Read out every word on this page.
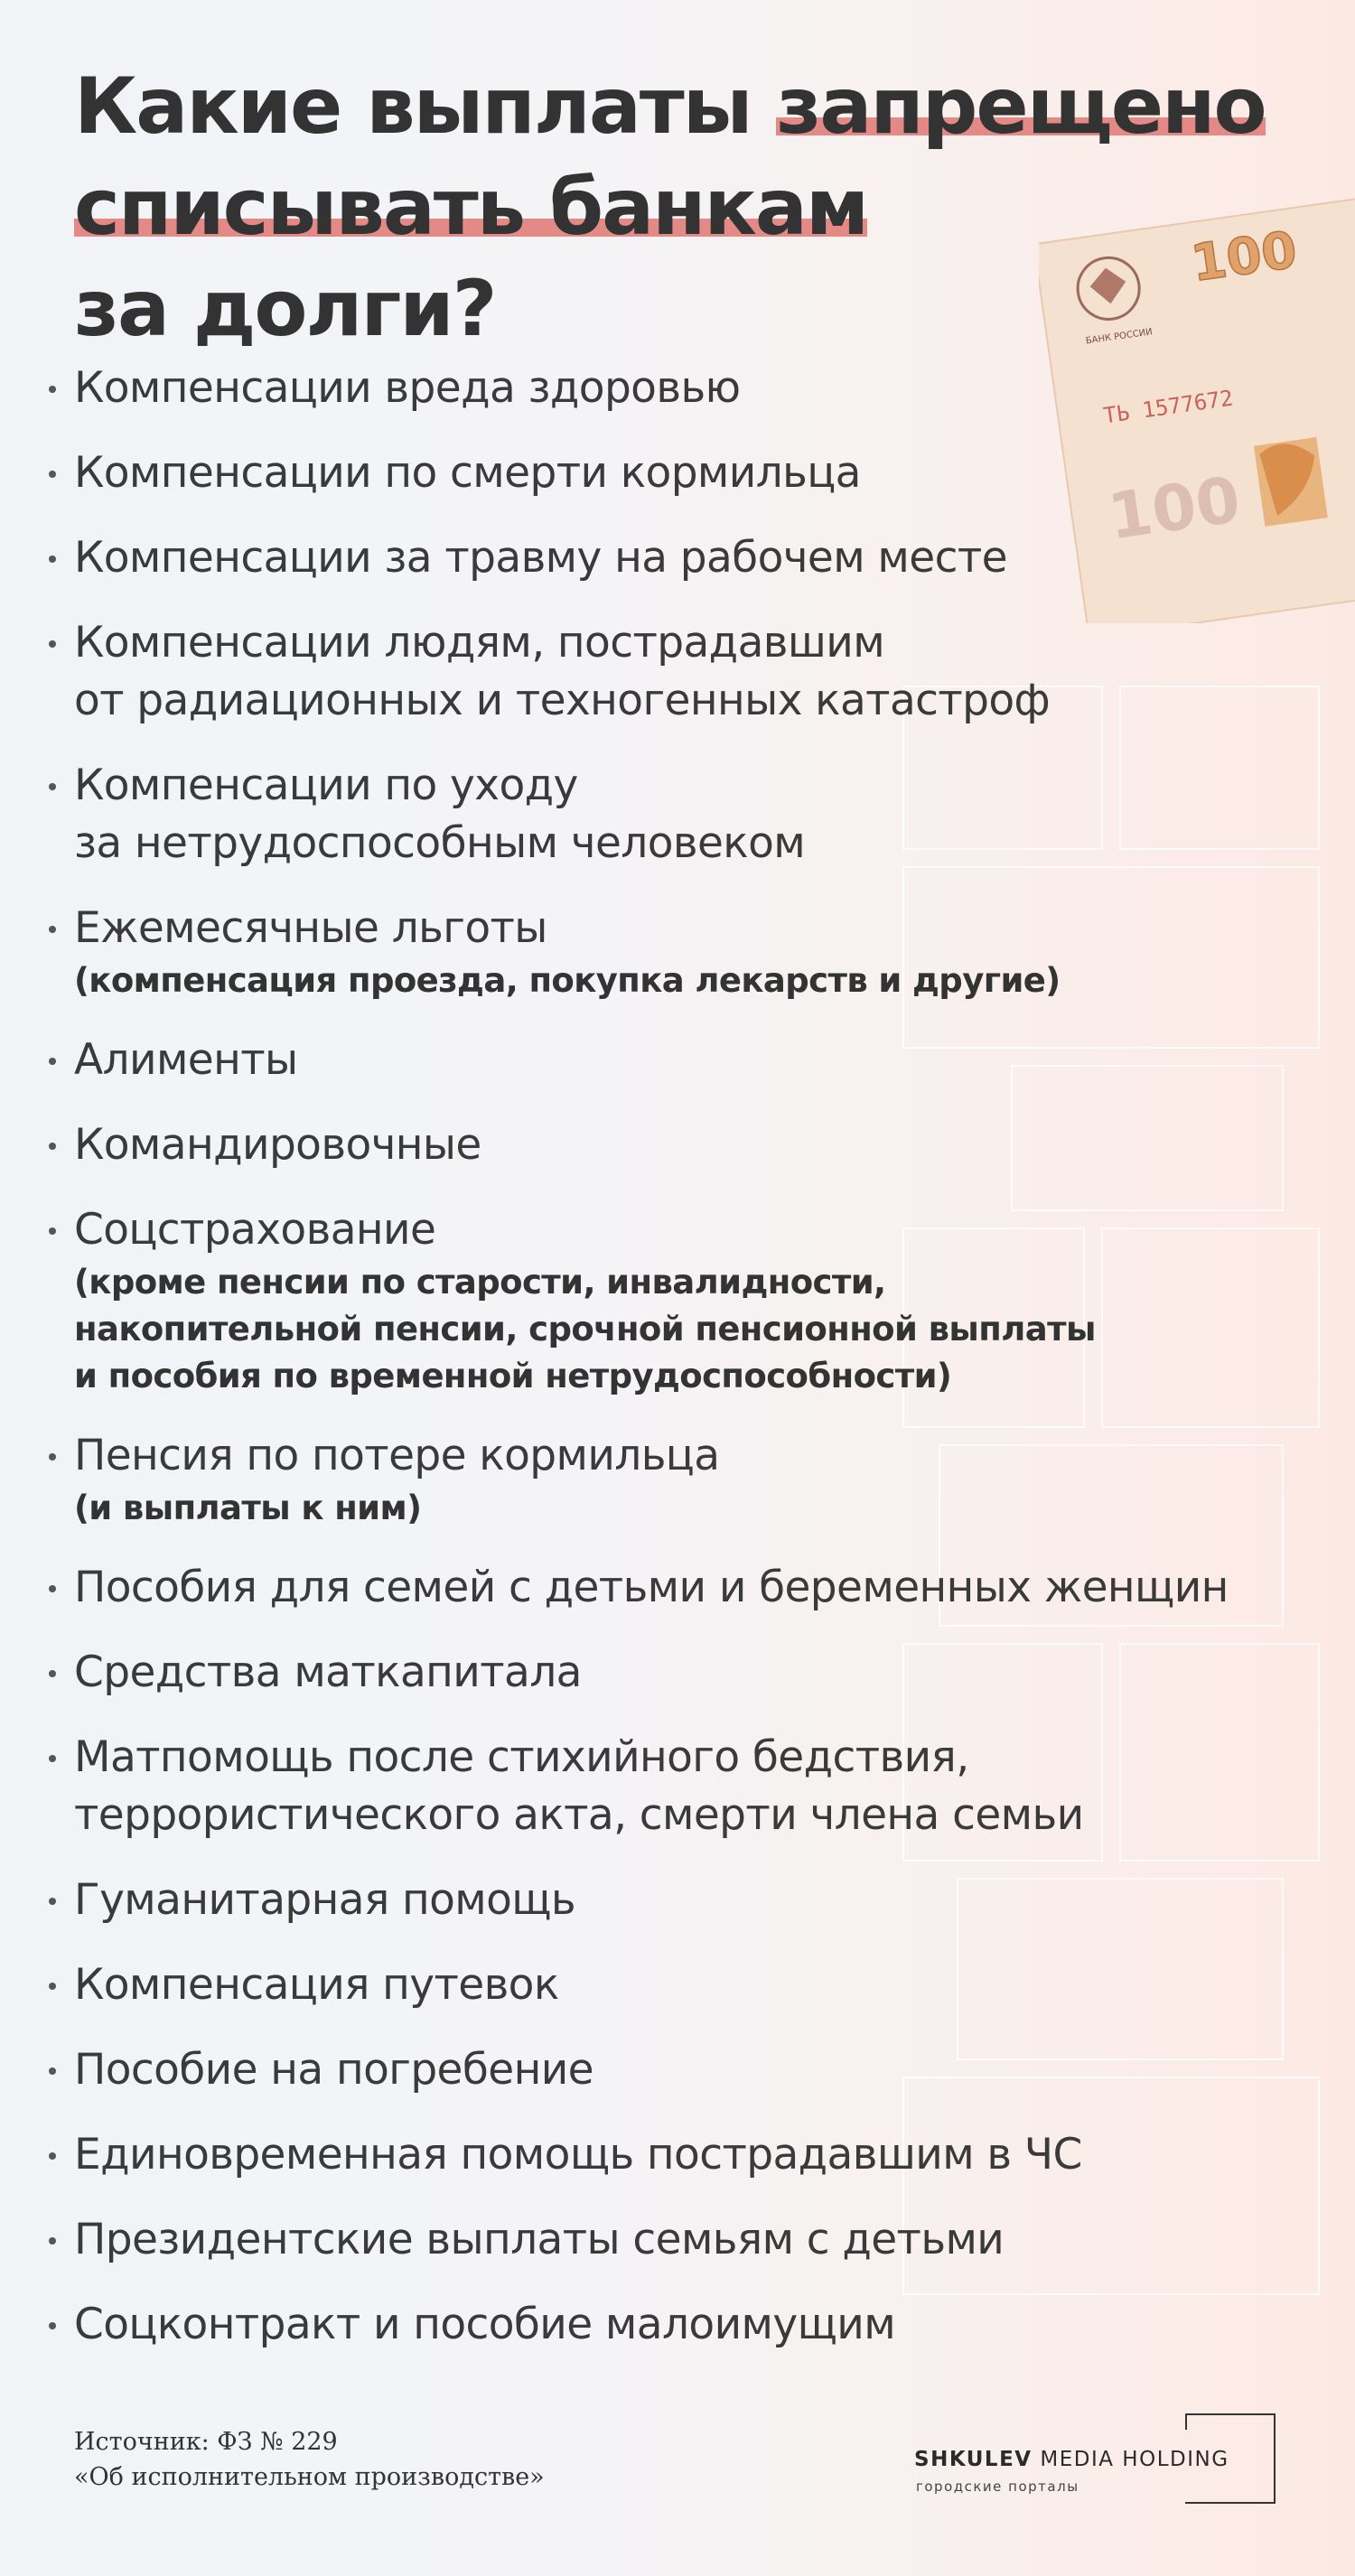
Какие выплаты запрещено
списывать банкам
за долги?	БАНК РОССИИ
100
ТЬ 1577672
100
Компенсации вреда здоровью
Компенсации по смерти кормильца
Компенсации за травму на рабочем месте
Компенсации людям, пострадавшим
от радиационных и техногенных катастроф
Компенсации по уходу
за нетрудоспособным человеком
Ежемесячные льготы
(компенсация проезда, покупка лекарств и другие)
Алименты
Командировочные
Соцстрахование
(кроме пенсии по старости, инвалидности,
накопительной пенсии, срочной пенсионной выплаты
и пособия по временной нетрудоспособности)
Пенсия по потере кормильца
(и выплаты к ним)
Пособия для семей с детьми и беременных женщин
Средства маткапитала
Матпомощь после стихийного бедствия,
террористического акта, смерти члена семьи
Гуманитарная помощь
Компенсация путевок
Пособие на погребение
Единовременная помощь пострадавшим в ЧС
Президентские выплаты семьям с детьми
Соцконтракт и пособие малоимущим
Источник: ФЗ № 229
«Об исполнительном производстве»
SHKULEV MEDIA HOLDING
городские порталы
